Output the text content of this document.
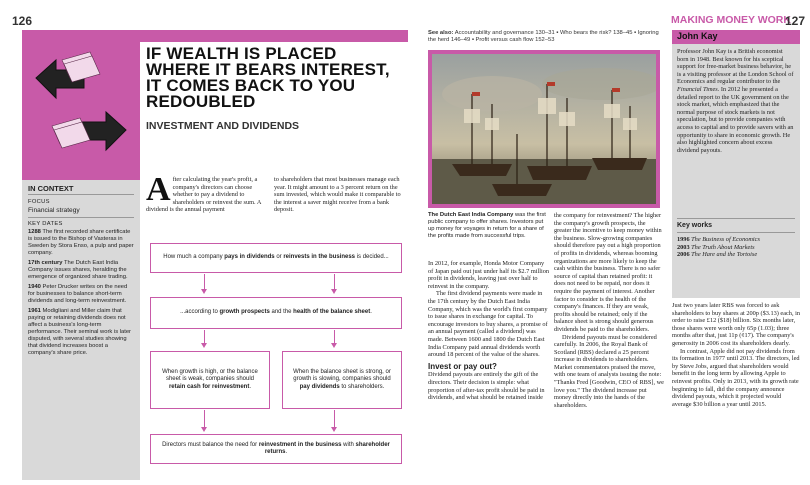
126
IF WEALTH IS PLACED
WHERE IT BEARS INTEREST,
IT COMES BACK TO YOU
REDOUBLED
INVESTMENT AND DIVIDENDS
IN CONTEXT
FOCUS
Financial strategy
KEY DATES

1288 The first recorded share certificate is issued to the Bishop of Vasteras in Sweden by Stora Enso, a pulp and paper company.

17th century The Dutch East India Company issues shares, heralding the emergence of organized share trading.

1940 Peter Drucker writes on the need for businesses to balance short-term dividends and long-term reinvestment.

1961 Modigliani and Miller claim that paying or retaining dividends does not affect a business's long-term performance. Their seminal work is later disputed, with several studies showing that dividend increases boost a company's share price.

After calculating the year's profit, a company's directors can choose whether to pay a dividend to shareholders or reinvest the sum. A dividend is the annual payment
to shareholders that most businesses manage each year. It might amount to a 3 percent return on the sum invested, which would make it comparable to the interest a saver might receive from a bank deposit.
How much a company pays in dividends or reinvests in the business is decided...
...according to growth prospects and the health of the balance sheet.
When growth is high, or the balance sheet is weak, companies should retain cash for reinvestment.
When the balance sheet is strong, or growth is slowing, companies should pay dividends to shareholders.
Directors must balance the need for reinvestment in the business with shareholder returns.
See also: Accountability and governance 130–31 ▪ Who bears the risk? 138–45 ▪ Ignoring the herd 146–49 ▪ Profit versus cash flow 152–53
The Dutch East India Company was the first public company to offer shares. Investors put up money for voyages in return for a share of the profits made from successful trips.

In 2012, for example, Honda Motor Company of Japan paid out just under half its $2.7 million profit in dividends, leaving just over half to reinvest in the company.

The first dividend payments were made in the 17th century by the Dutch East India Company, which was the world's first company to issue shares in exchange for capital. To encourage investors to buy shares, a promise of an annual payment (called a dividend) was made. Between 1600 and 1800 the Dutch East India Company paid annual dividends worth around 18 percent of the value of the shares.

Invest or pay out?

Dividend payouts are entirely the gift of the directors. Their decision is simple: what proportion of after-tax profit should be paid in dividends, and what should be retained inside

the company for reinvestment? The higher the company's growth prospects, the greater the incentive to keep money within the business. Slow-growing companies should therefore pay out a high proportion of profits in dividends, whereas booming organizations are more likely to keep the cash within the business. There is no safer source of capital than retained profit: it does not need to be repaid, nor does it require the payment of interest. Another factor to consider is the health of the company's finances. If they are weak, profits should be retained; only if the balance sheet is strong should generous dividends be paid to the shareholders.

Dividend payouts must be considered carefully. In 2006, the Royal Bank of Scotland (RBS) declared a 25 percent increase in dividends to shareholders. Market commentators praised the move, with one team of analysts issuing the note: "Thanks Fred [Goodwin, CEO of RBS], we love you." The dividend increase put money directly into the hands of the shareholders.

MAKING MONEY WORK
127
John Kay
Professor John Kay is a British economist born in 1948. Best known for his sceptical support for free-market business behavior, he is a visiting professor at the London School of Economics and regular contributor to the Financial Times. In 2012 he presented a detailed report to the UK government on the stock market, which emphasized that the normal purpose of stock markets is not speculation, but to provide companies with access to capital and to provide savers with an opportunity to share in economic growth. He also highlighted concern about excess dividend payouts.
Key works
1996 The Business of Economics
2003 The Truth About Markets
2006 The Hare and the Tortoise

Just two years later RBS was forced to ask shareholders to buy shares at 200p ($3.13) each, in order to raise £12 ($18) billion. Six months later, those shares were worth only 65p (1.03); three months after that, just 11p (¢17). The company's generosity in 2006 cost its shareholders dearly.

In contrast, Apple did not pay dividends from its formation in 1977 until 2013. The directors, led by Steve Jobs, argued that shareholders would benefit in the long term by allowing Apple to reinvest profits. Only in 2013, with its growth rate beginning to fall, did the company announce dividend payouts, which it projected would average $30 billion a year until 2015.
